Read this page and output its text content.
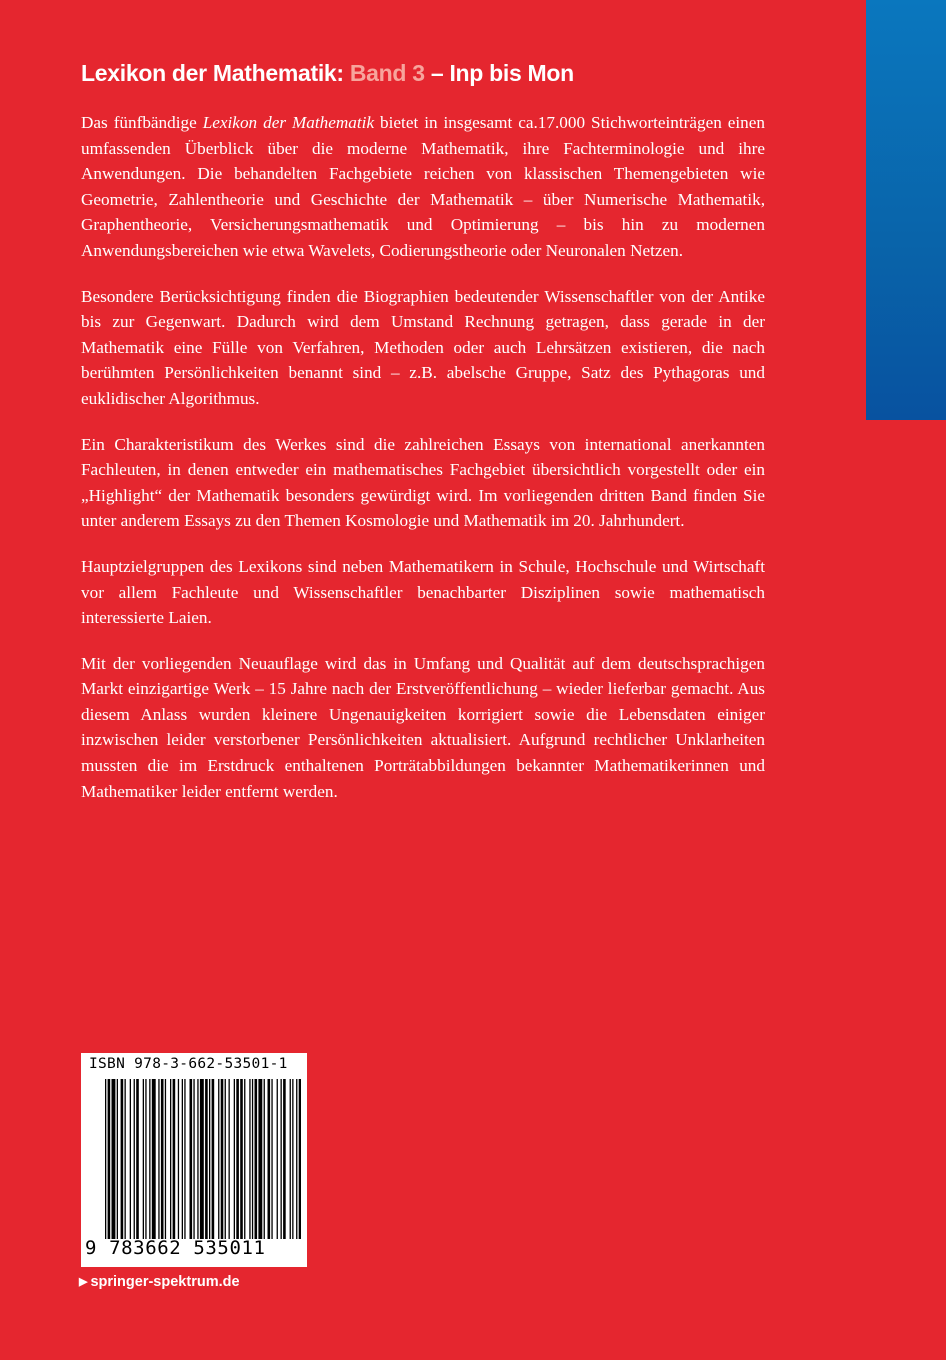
Lexikon der Mathematik: Band 3 – Inp bis Mon

Das fünfbändige Lexikon der Mathematik bietet in insgesamt ca.17.000 Stichworteinträgen einen umfassenden Überblick über die moderne Mathematik, ihre Fachterminologie und ihre Anwendungen. Die behandelten Fachgebiete reichen von klassischen Themengebieten wie Geometrie, Zahlentheorie und Geschichte der Mathematik – über Numerische Mathematik, Graphentheorie, Versicherungsmathematik und Optimierung – bis hin zu modernen Anwendungsbereichen wie etwa Wavelets, Codierungstheorie oder Neuronalen Netzen.

Besondere Berücksichtigung finden die Biographien bedeutender Wissenschaftler von der Antike bis zur Gegenwart. Dadurch wird dem Umstand Rechnung getragen, dass gerade in der Mathematik eine Fülle von Verfahren, Methoden oder auch Lehrsätzen existieren, die nach berühmten Persönlichkeiten benannt sind – z.B. abelsche Gruppe, Satz des Pythagoras und euklidischer Algorithmus.

Ein Charakteristikum des Werkes sind die zahlreichen Essays von international anerkannten Fachleuten, in denen entweder ein mathematisches Fachgebiet übersichtlich vorgestellt oder ein „Highlight“ der Mathematik besonders gewürdigt wird. Im vorliegenden dritten Band finden Sie unter anderem Essays zu den Themen Kosmologie und Mathematik im 20. Jahrhundert.

Hauptzielgruppen des Lexikons sind neben Mathematikern in Schule, Hochschule und Wirtschaft vor allem Fachleute und Wissenschaftler benachbarter Disziplinen sowie mathematisch interessierte Laien.

Mit der vorliegenden Neuauflage wird das in Umfang und Qualität auf dem deutschsprachigen Markt einzigartige Werk – 15 Jahre nach der Erstveröffentlichung – wieder lieferbar gemacht. Aus diesem Anlass wurden kleinere Ungenauigkeiten korrigiert sowie die Lebensdaten einiger inzwischen leider verstorbener Persönlichkeiten aktualisiert. Aufgrund rechtlicher Unklarheiten mussten die im Erstdruck enthaltenen Porträtabbildungen bekannter Mathematikerinnen und Mathematiker leider entfernt werden.

ISBN 978-3-662-53501-1
9 783662 535011
▶ springer-spektrum.de
